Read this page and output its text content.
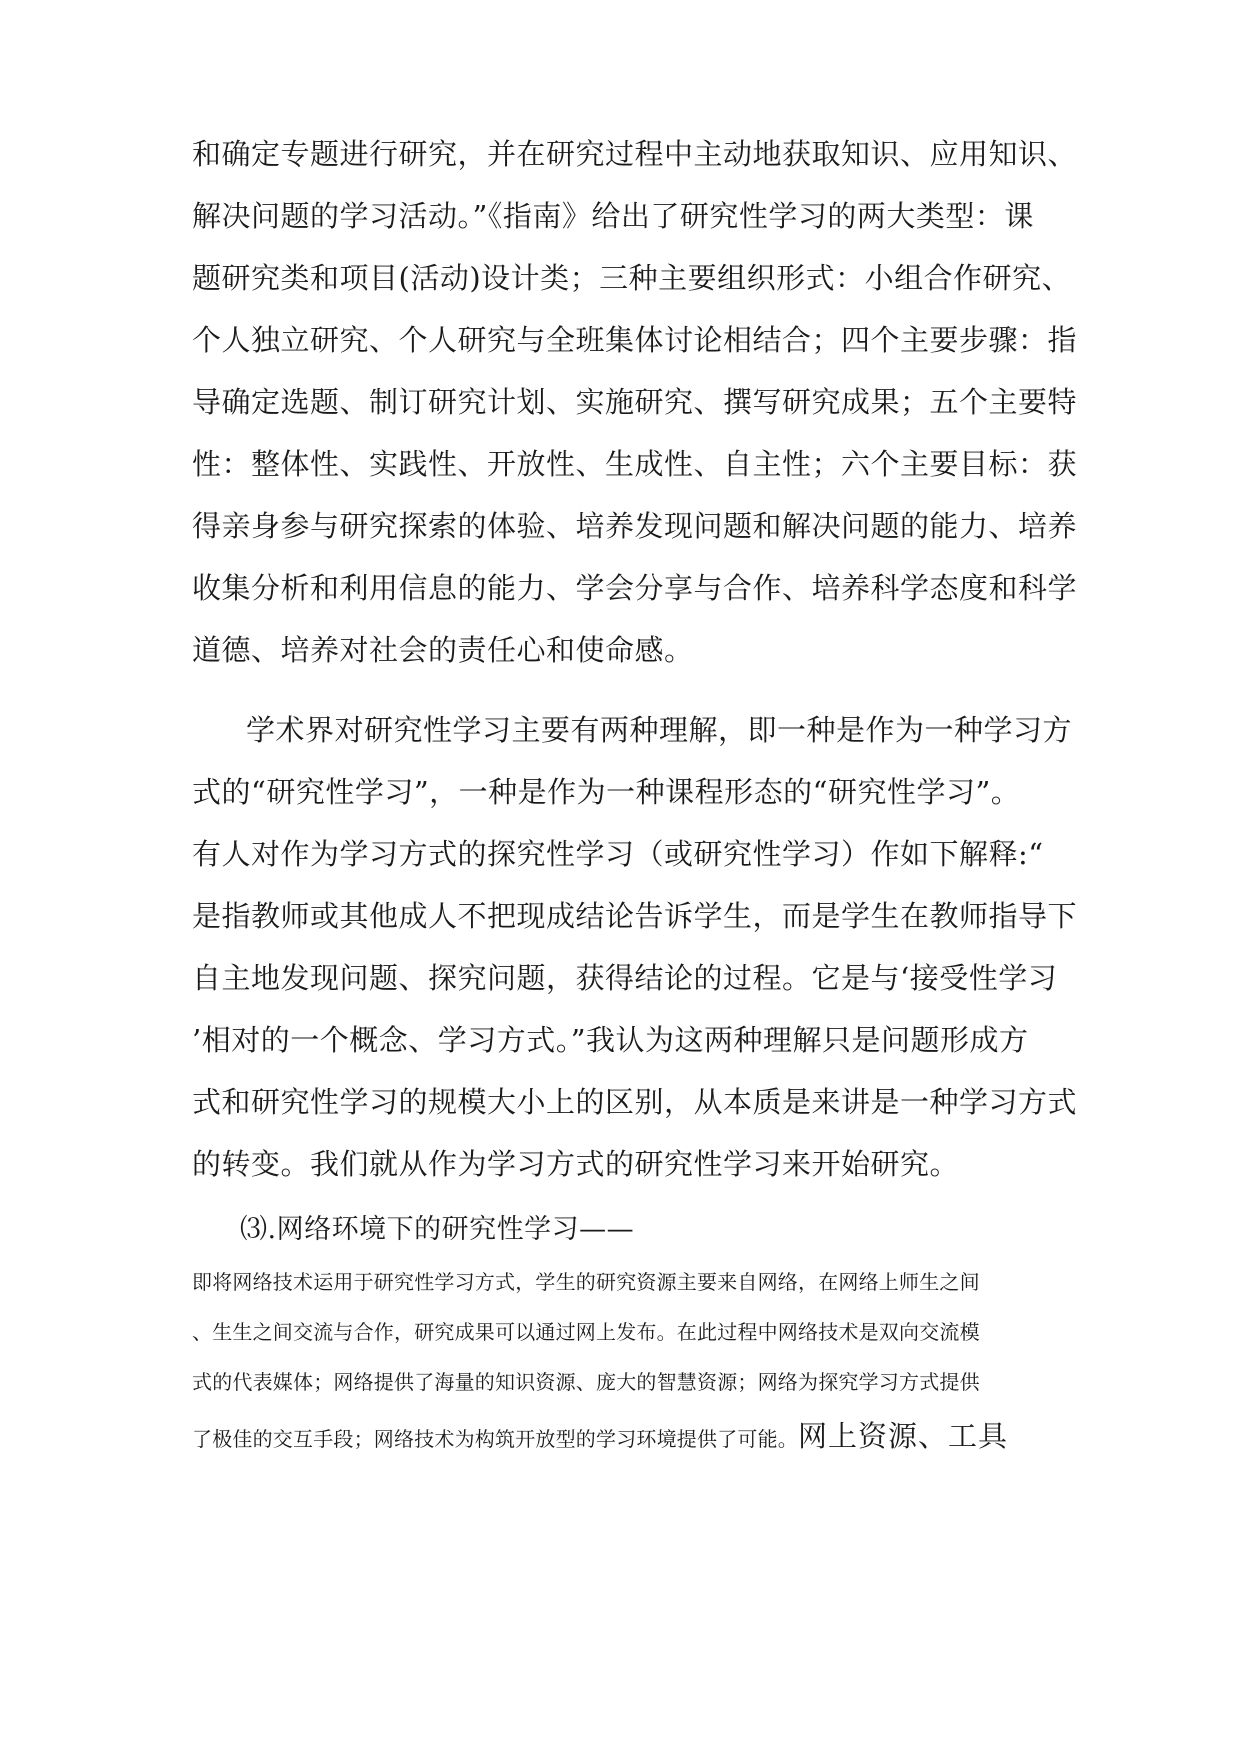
和确定专题进行研究，并在研究过程中主动地获取知识、应用知识、
解决问题的学习活动。”《指南》给出了研究性学习的两大类型：课
题研究类和项目(活动)设计类；三种主要组织形式：小组合作研究、
个人独立研究、个人研究与全班集体讨论相结合；四个主要步骤：指
导确定选题、制订研究计划、实施研究、撰写研究成果；五个主要特
性：整体性、实践性、开放性、生成性、自主性；六个主要目标：获
得亲身参与研究探索的体验、培养发现问题和解决问题的能力、培养
收集分析和利用信息的能力、学会分享与合作、培养科学态度和科学
道德、培养对社会的责任心和使命感。
学术界对研究性学习主要有两种理解，即一种是作为一种学习方
式的“研究性学习”，一种是作为一种课程形态的“研究性学习”。
有人对作为学习方式的探究性学习（或研究性学习）作如下解释:“
是指教师或其他成人不把现成结论告诉学生，而是学生在教师指导下
自主地发现问题、探究问题，获得结论的过程。它是与‘接受性学习
’相对的一个概念、学习方式。”我认为这两种理解只是问题形成方
式和研究性学习的规模大小上的区别，从本质是来讲是一种学习方式
的转变。我们就从作为学习方式的研究性学习来开始研究。
⑶.网络环境下的研究性学习——
即将网络技术运用于研究性学习方式，学生的研究资源主要来自网络，在网络上师生之间
、生生之间交流与合作，研究成果可以通过网上发布。在此过程中网络技术是双向交流模
式的代表媒体；网络提供了海量的知识资源、庞大的智慧资源；网络为探究学习方式提供
了极佳的交互手段；网络技术为构筑开放型的学习环境提供了可能。网上资源、工具
